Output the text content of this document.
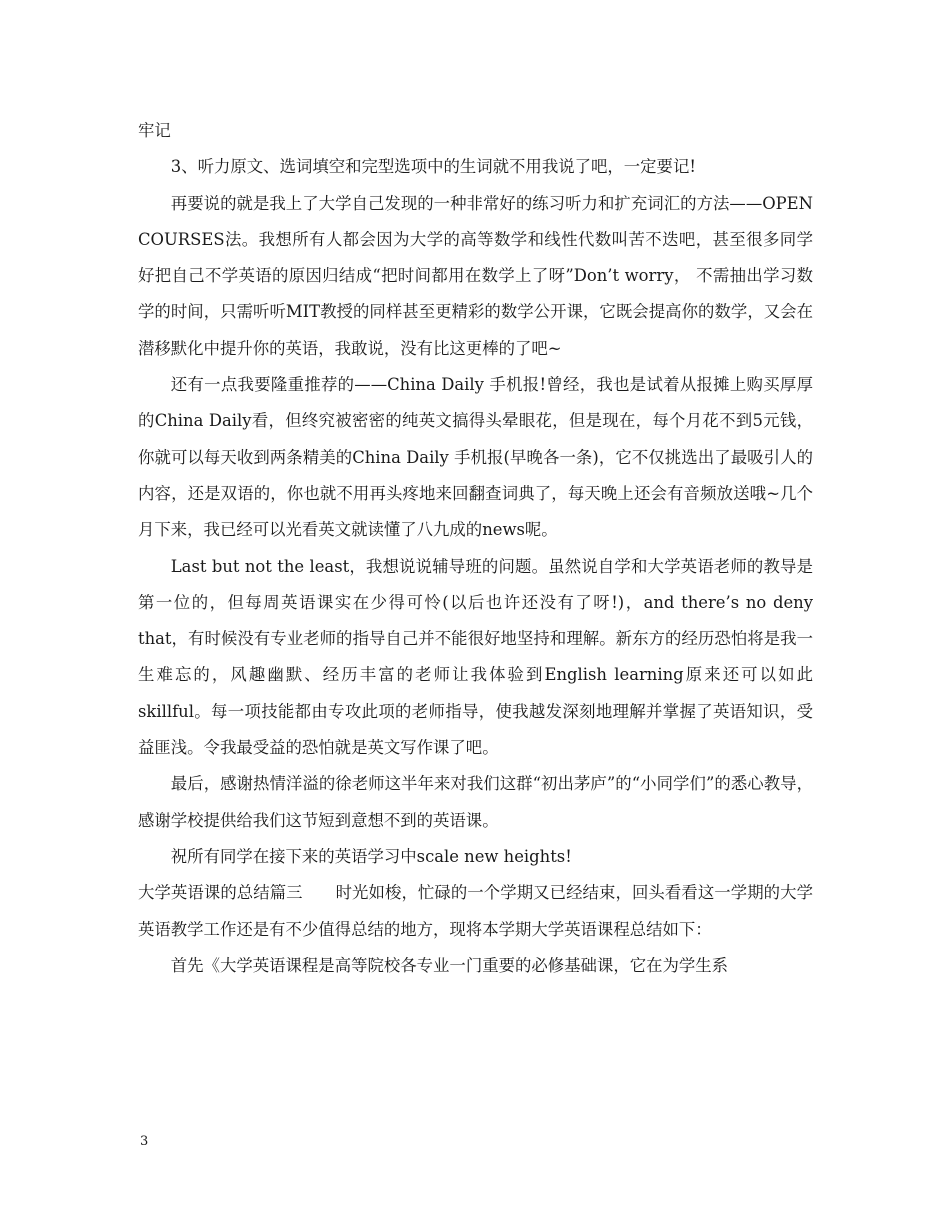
牢记

3、听力原文、选词填空和完型选项中的生词就不用我说了吧，一定要记!

再要说的就是我上了大学自己发现的一种非常好的练习听力和扩充词汇的方法——OPEN COURSES法。我想所有人都会因为大学的高等数学和线性代数叫苦不迭吧，甚至很多同学好把自己不学英语的原因归结成“把时间都用在数学上了呀”Don’t worry， 不需抽出学习数学的时间，只需听听MIT教授的同样甚至更精彩的数学公开课，它既会提高你的数学，又会在潜移默化中提升你的英语，我敢说，没有比这更棒的了吧~

还有一点我要隆重推荐的——China Daily 手机报!曾经，我也是试着从报摊上购买厚厚的China Daily看，但终究被密密的纯英文搞得头晕眼花，但是现在，每个月花不到5元钱，你就可以每天收到两条精美的China Daily 手机报(早晚各一条)，它不仅挑选出了最吸引人的内容，还是双语的，你也就不用再头疼地来回翻查词典了，每天晚上还会有音频放送哦~几个月下来，我已经可以光看英文就读懂了八九成的news呢。

Last but not the least，我想说说辅导班的问题。虽然说自学和大学英语老师的教导是第一位的，但每周英语课实在少得可怜(以后也许还没有了呀!)，and there’s no deny that，有时候没有专业老师的指导自己并不能很好地坚持和理解。新东方的经历恐怕将是我一生难忘的，风趣幽默、经历丰富的老师让我体验到English learning原来还可以如此skillful。每一项技能都由专攻此项的老师指导，使我越发深刻地理解并掌握了英语知识，受益匪浅。令我最受益的恐怕就是英文写作课了吧。

最后，感谢热情洋溢的徐老师这半年来对我们这群“初出茅庐”的“小同学们”的悉心教导，感谢学校提供给我们这节短到意想不到的英语课。

祝所有同学在接下来的英语学习中scale new heights!

大学英语课的总结篇三　　时光如梭，忙碌的一个学期又已经结束，回头看看这一学期的大学英语教学工作还是有不少值得总结的地方，现将本学期大学英语课程总结如下：

首先《大学英语课程是高等院校各专业一门重要的必修基础课，它在为学生系

3
